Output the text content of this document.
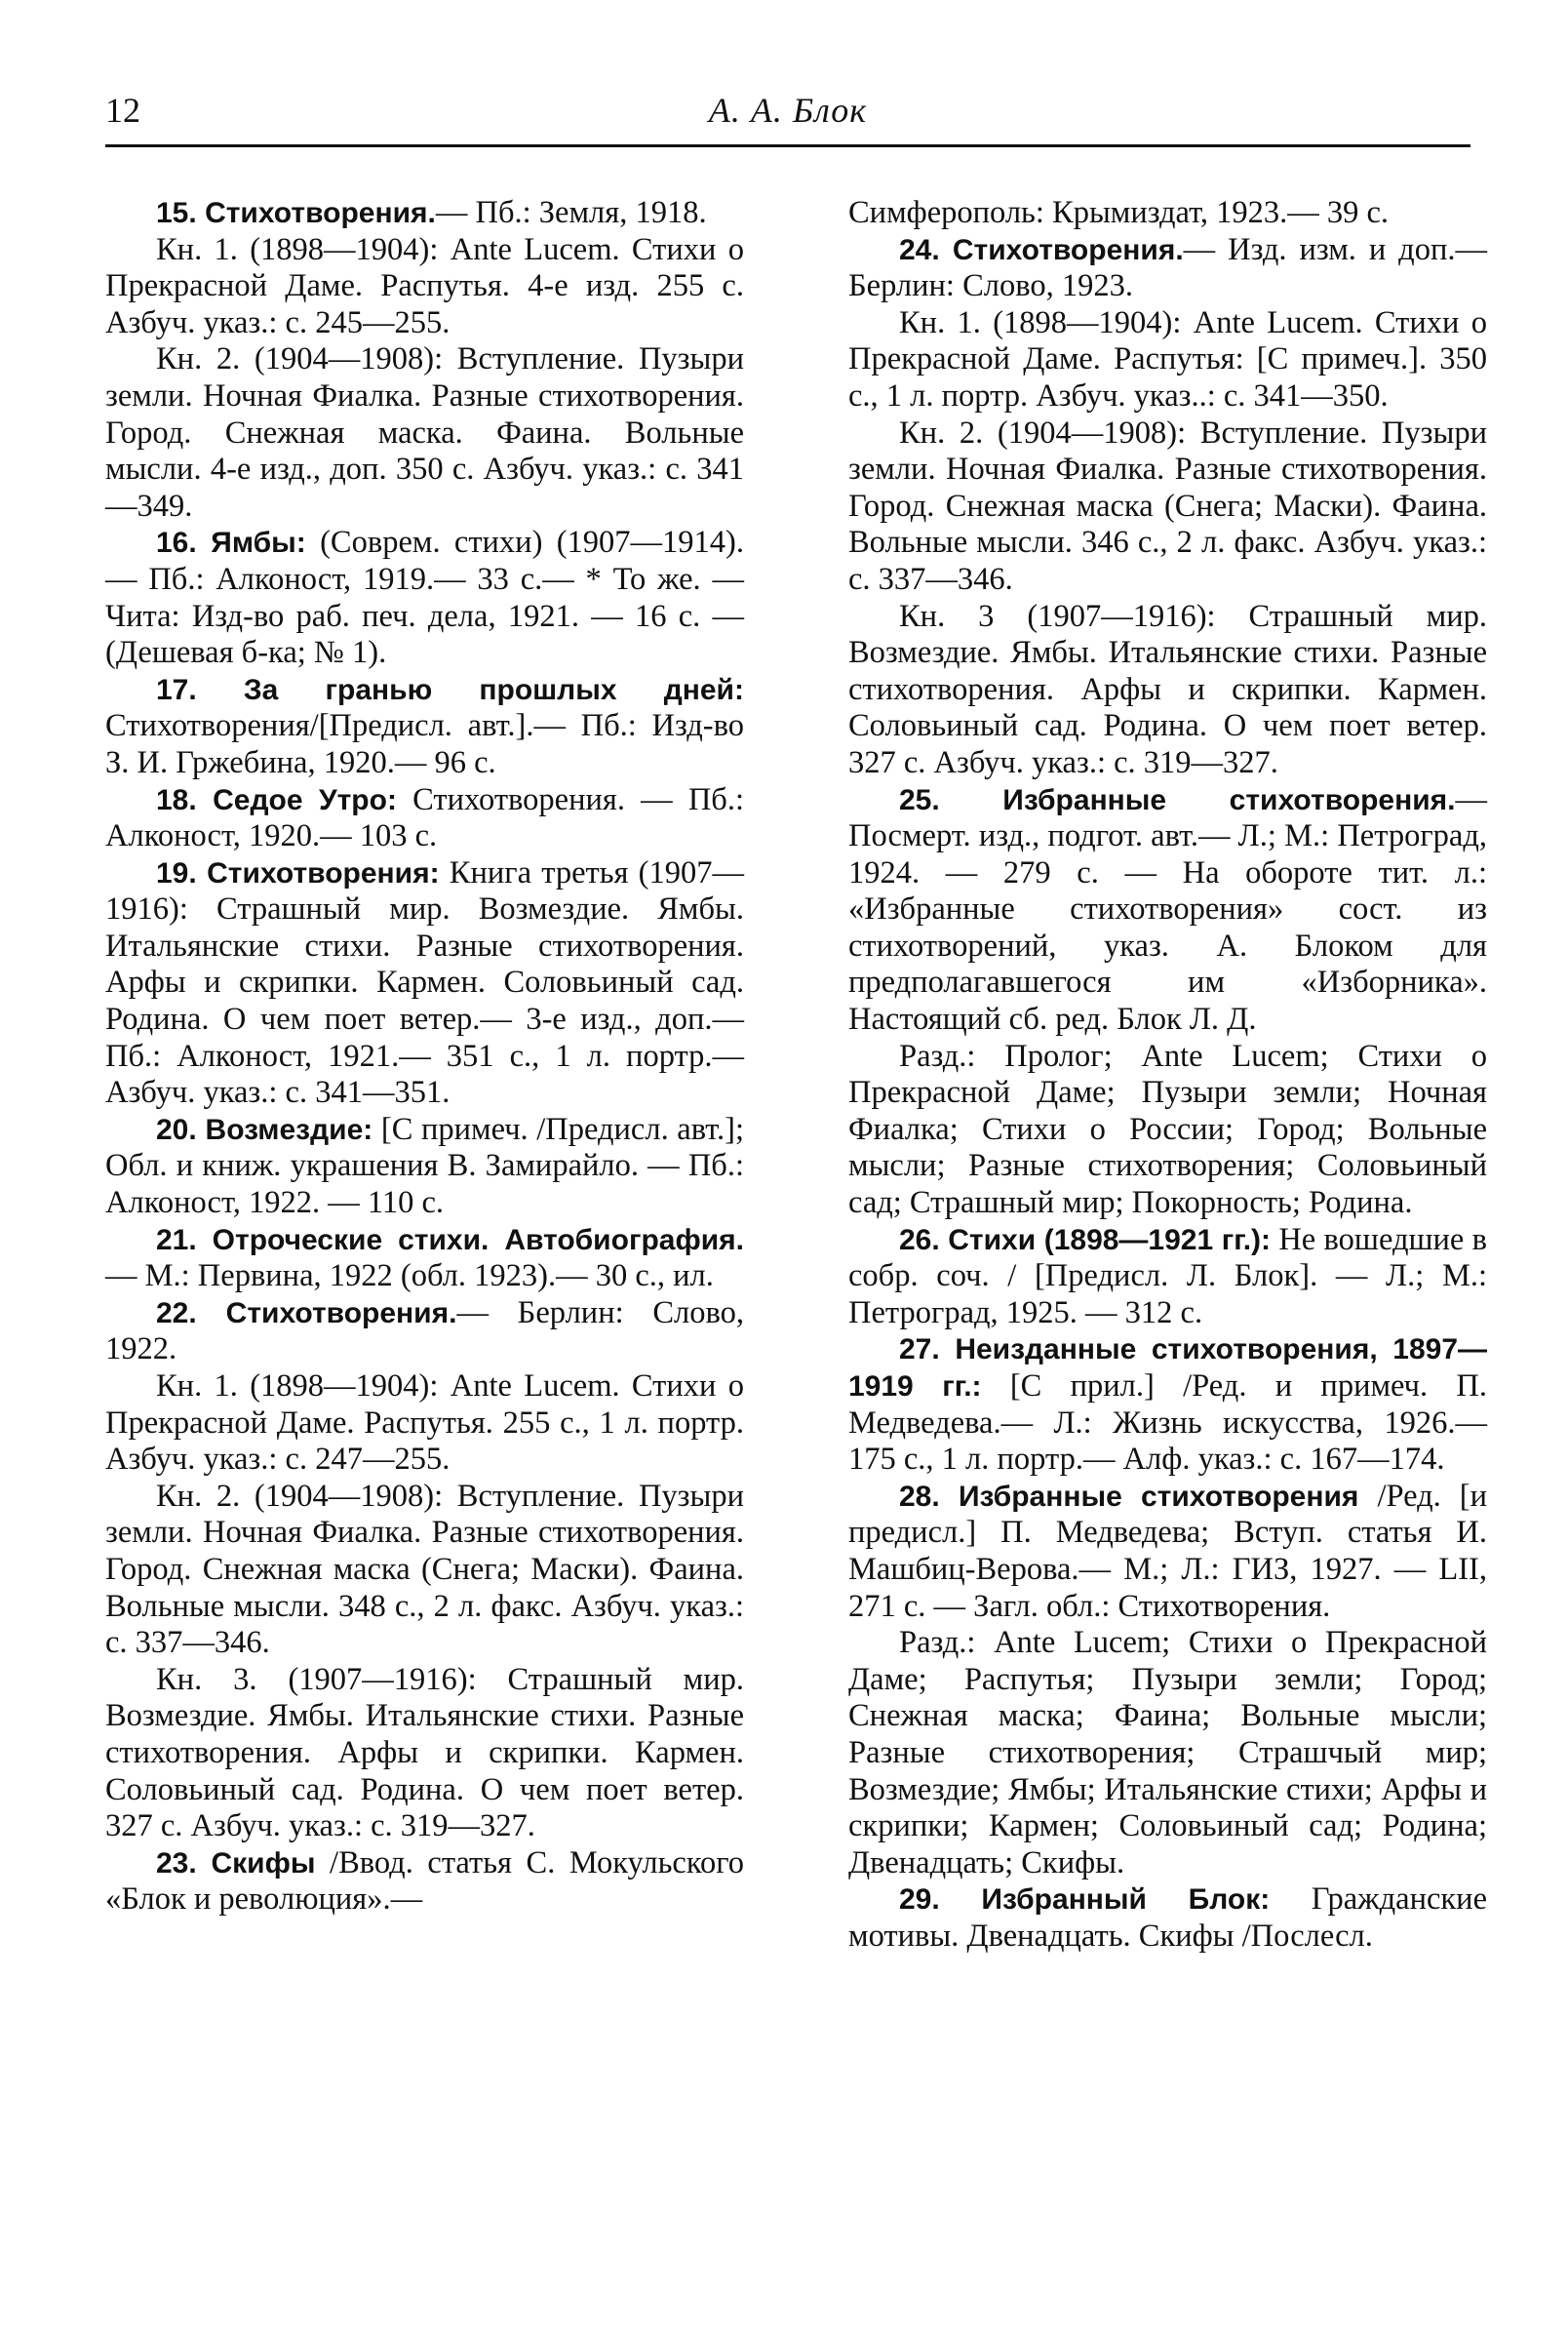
12	А. А. Блок

15. Стихотворения.— Пб.: Земля, 1918.

Кн. 1. (1898—1904): Ante Lucem. Стихи о Прекрасной Даме. Распутья. 4-е изд. 255 с. Азбуч. указ.: с. 245—255.

Кн. 2. (1904—1908): Вступление. Пузыри земли. Ночная Фиалка. Разные стихотворения. Город. Снежная маска. Фаина. Вольные мысли. 4-е изд., доп. 350 с. Азбуч. указ.: с. 341—349.

16. Ямбы: (Соврем. стихи) (1907—1914).— Пб.: Алконост, 1919.— 33 с.— * То же. — Чита: Изд-во раб. печ. дела, 1921. — 16 с. — (Дешевая б-ка; № 1).

17. За гранью прошлых дней: Стихотворения/[Предисл. авт.].— Пб.: Изд-во З. И. Гржебина, 1920.— 96 с.

18. Седое Утро: Стихотворения. — Пб.: Алконост, 1920.— 103 с.

19. Стихотворения: Книга третья (1907—1916): Страшный мир. Возмездие. Ямбы. Итальянские стихи. Разные стихотворения. Арфы и скрипки. Кармен. Соловьиный сад. Родина. О чем поет ветер.— 3-е изд., доп.— Пб.: Алконост, 1921.— 351 с., 1 л. портр.— Азбуч. указ.: с. 341—351.

20. Возмездие: [С примеч. /Предисл. авт.]; Обл. и книж. украшения В. Замирайло. — Пб.: Алконост, 1922. — 110 с.

21. Отроческие стихи. Автобиография.— М.: Первина, 1922 (обл. 1923).— 30 с., ил.

22. Стихотворения.— Берлин: Слово, 1922.

Кн. 1. (1898—1904): Ante Lucem. Стихи о Прекрасной Даме. Распутья. 255 с., 1 л. портр. Азбуч. указ.: с. 247—255.

Кн. 2. (1904—1908): Вступление. Пузыри земли. Ночная Фиалка. Разные стихотворения. Город. Снежная маска (Снега; Маски). Фаина. Вольные мысли. 348 с., 2 л. факс. Азбуч. указ.: с. 337—346.

Кн. 3. (1907—1916): Страшный мир. Возмездие. Ямбы. Итальянские стихи. Разные стихотворения. Арфы и скрипки. Кармен. Соловьиный сад. Родина. О чем поет ветер. 327 с. Азбуч. указ.: с. 319—327.

23. Скифы /Ввод. статья С. Мокульского «Блок и революция».—

Симферополь: Крымиздат, 1923.— 39 с.

24. Стихотворения.— Изд. изм. и доп.— Берлин: Слово, 1923.

Кн. 1. (1898—1904): Ante Lucem. Стихи о Прекрасной Даме. Распутья: [С примеч.]. 350 с., 1 л. портр. Азбуч. указ..: с. 341—350.

Кн. 2. (1904—1908): Вступление. Пузыри земли. Ночная Фиалка. Разные стихотворения. Город. Снежная маска (Снега; Маски). Фаина. Вольные мысли. 346 с., 2 л. факс. Азбуч. указ.: с. 337—346.

Кн. 3 (1907—1916): Страшный мир. Возмездие. Ямбы. Итальянские стихи. Разные стихотворения. Арфы и скрипки. Кармен. Соловьиный сад. Родина. О чем поет ветер. 327 с. Азбуч. указ.: с. 319—327.

25. Избранные стихотворения.— Посмерт. изд., подгот. авт.— Л.; М.: Петроград, 1924. — 279 с. — На обороте тит. л.: «Избранные стихотворения» сост. из стихотворений, указ. А. Блоком для предполагавшегося им «Изборника». Настоящий сб. ред. Блок Л. Д.

Разд.: Пролог; Ante Lucem; Стихи о Прекрасной Даме; Пузыри земли; Ночная Фиалка; Стихи о России; Город; Вольные мысли; Разные стихотворения; Соловьиный сад; Страшный мир; Покорность; Родина.

26. Стихи (1898—1921 гг.): Не вошедшие в собр. соч. / [Предисл. Л. Блок]. — Л.; М.: Петроград, 1925. — 312 с.

27. Неизданные стихотворения, 1897—1919 гг.: [С прил.] /Ред. и примеч. П. Медведева.— Л.: Жизнь искусства, 1926.— 175 с., 1 л. портр.— Алф. указ.: с. 167—174.

28. Избранные стихотворения /Ред. [и предисл.] П. Медведева; Вступ. статья И. Машбиц-Верова.— М.; Л.: ГИЗ, 1927. — LII, 271 с. — Загл. обл.: Стихотворения.

Разд.: Ante Lucem; Стихи о Прекрасной Даме; Распутья; Пузыри земли; Город; Снежная маска; Фаина; Вольные мысли; Разные стихотворения; Страшчый мир; Возмездие; Ямбы; Итальянские стихи; Арфы и скрипки; Кармен; Соловьиный сад; Родина; Двенадцать; Скифы.

29. Избранный Блок: Гражданские мотивы. Двенадцать. Скифы /Послесл.
